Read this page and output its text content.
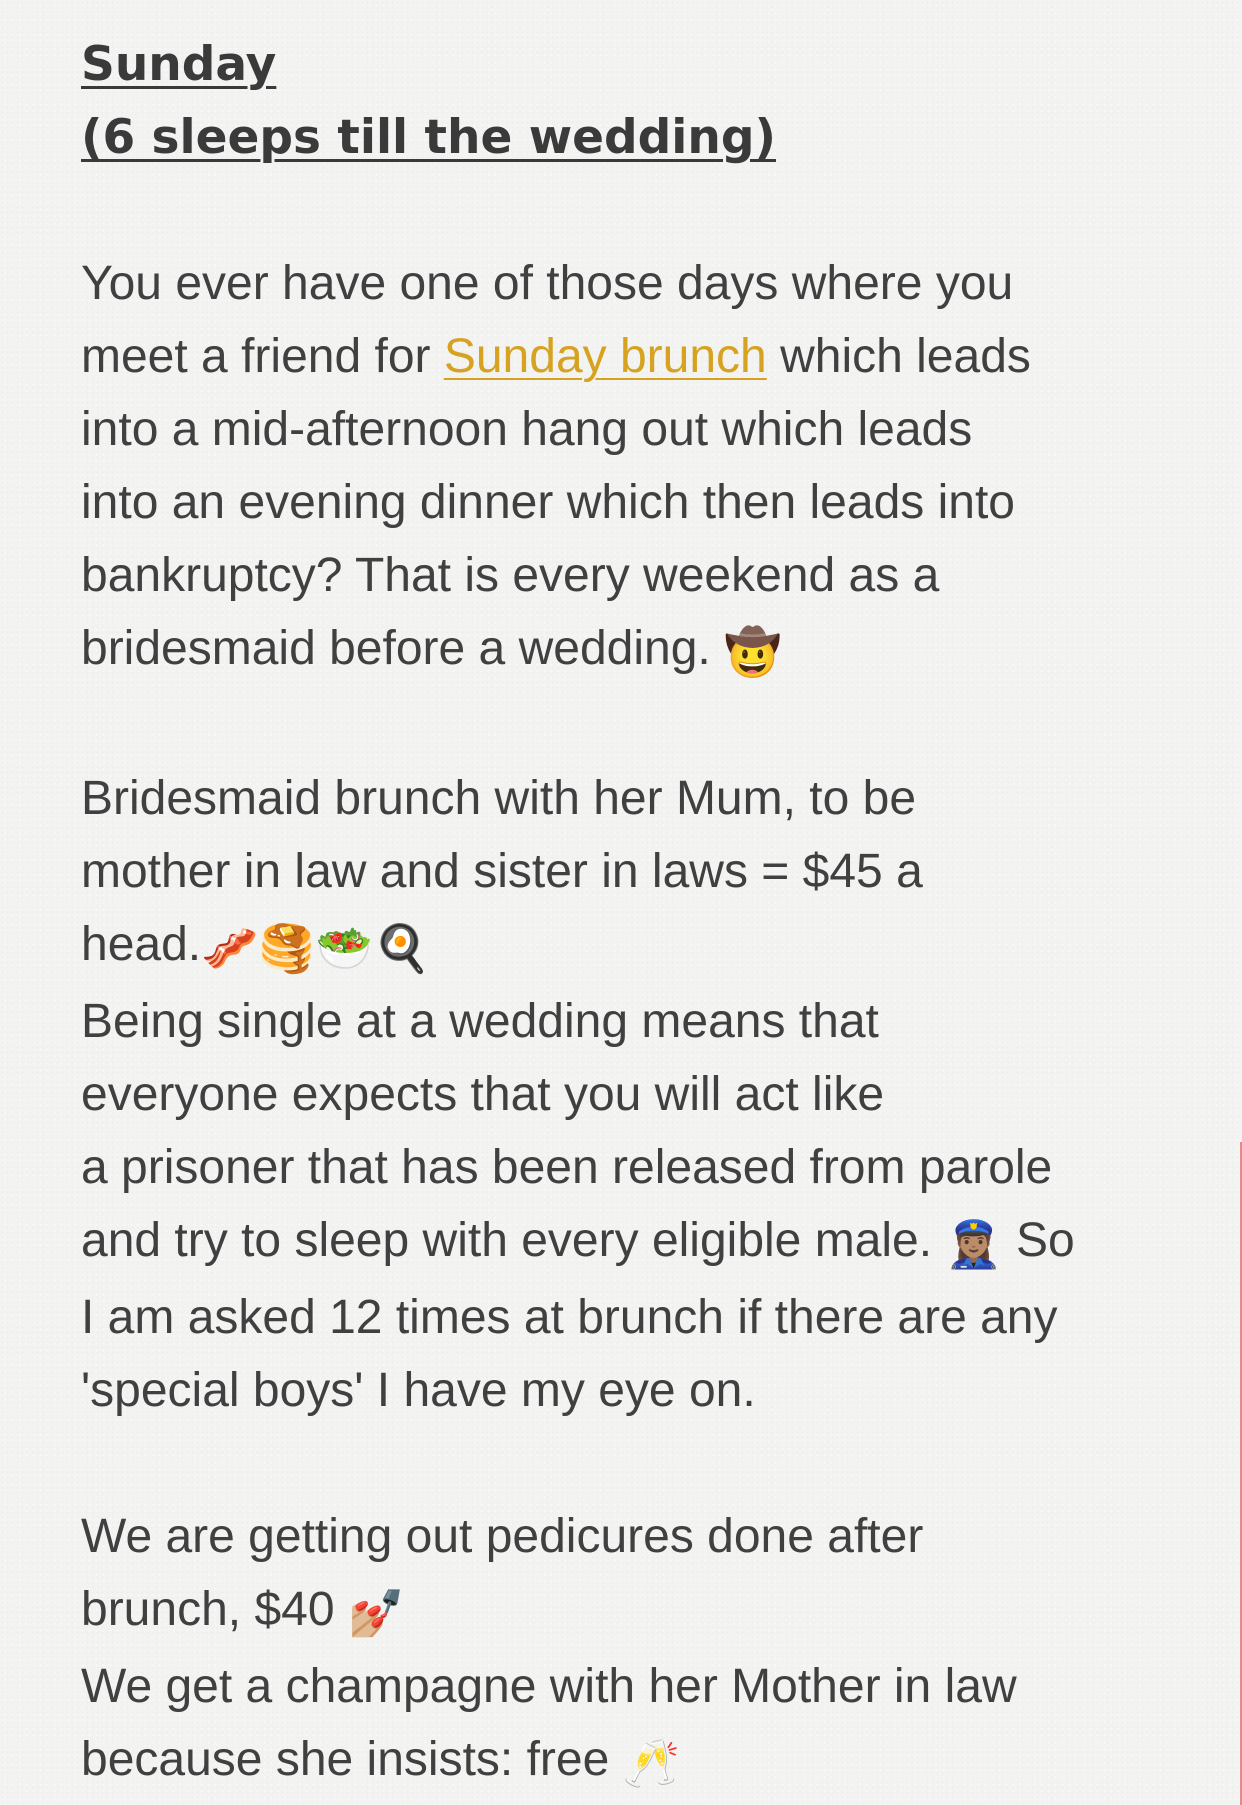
Sunday
(6 sleeps till the wedding)
You ever have one of those days where you
meet a friend for Sunday brunch which leads
into a mid-afternoon hang out which leads
into an evening dinner which then leads into
bankruptcy? That is every weekend as a
bridesmaid before a wedding. 🤠
Bridesmaid brunch with her Mum, to be
mother in law and sister in laws = $45 a
head.🥓🥞🥗🍳
Being single at a wedding means that
everyone expects that you will act like
a prisoner that has been released from parole
and try to sleep with every eligible male. 👮🏽‍♀️ So
I am asked 12 times at brunch if there are any
'special boys' I have my eye on.
We are getting out pedicures done after
brunch, $40 💅🏼
We get a champagne with her Mother in law
because she insists: free 🥂
